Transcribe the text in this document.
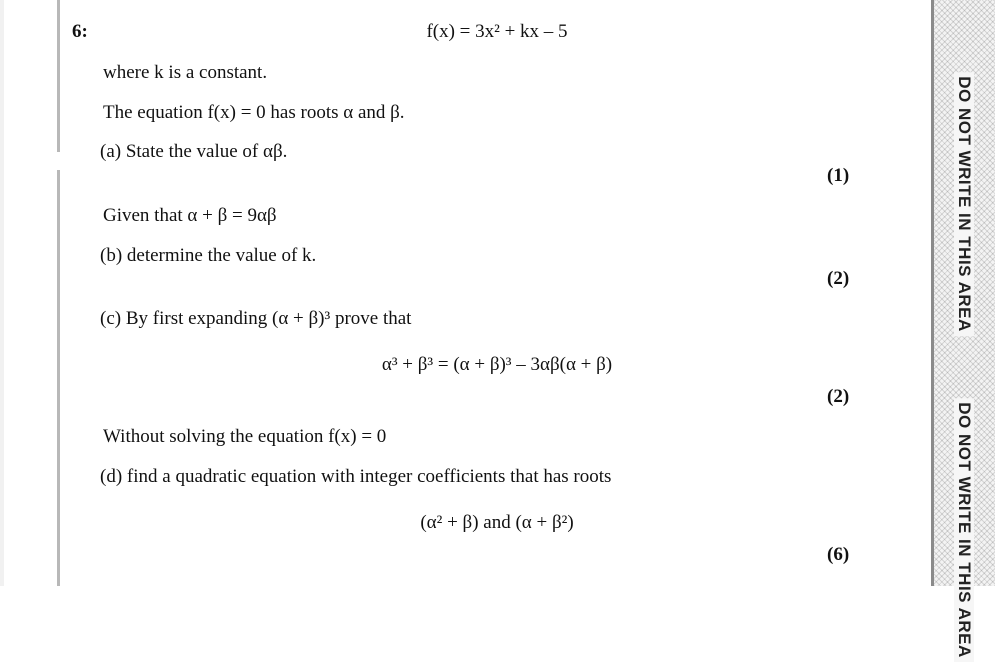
6:	f(x) = 3x² + kx – 5
where k is a constant.
The equation f(x) = 0 has roots α and β.
(a) State the value of αβ.
(1)
Given that α + β = 9αβ
(b) determine the value of k.
(2)
(c) By first expanding (α + β)³ prove that
α³ + β³ = (α + β)³ – 3αβ(α + β)
(2)
Without solving the equation f(x) = 0
(d) find a quadratic equation with integer coefficients that has roots
(α² + β) and (α + β²)
(6)
DO NOT WRITE IN THIS AREA
DO NOT WRITE IN THIS AREA
